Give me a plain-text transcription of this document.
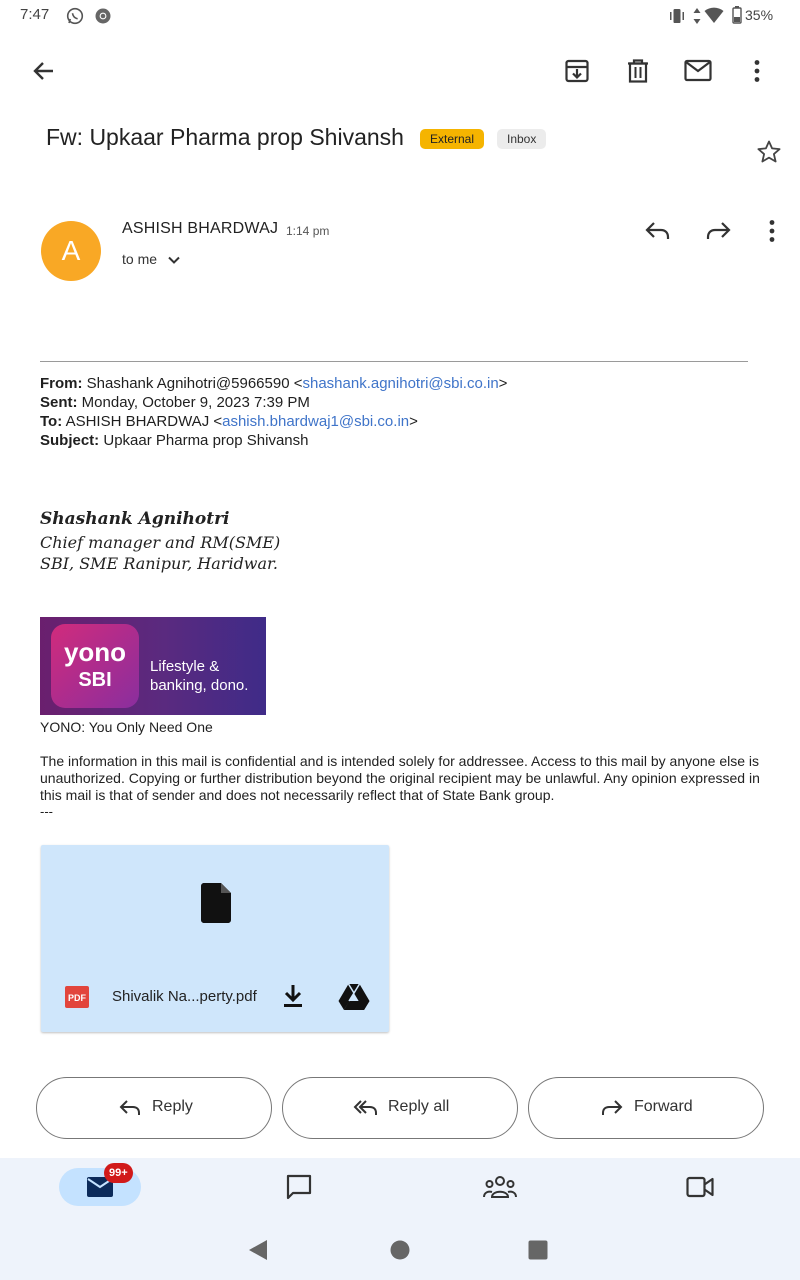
7:47	35%
Fw: Upkaar Pharma prop Shivansh	External	Inbox
A
ASHISH BHARDWAJ 1:14 pm
to me
From: Shashank Agnihotri@5966590 <shashank.agnihotri@sbi.co.in>
Sent: Monday, October 9, 2023 7:39 PM
To: ASHISH BHARDWAJ <ashish.bhardwaj1@sbi.co.in>
Subject: Upkaar Pharma prop Shivansh
Shashank Agnihotri
Chief manager and RM(SME)
SBI, SME Ranipur, Haridwar.
yono
SBI
Lifestyle &
banking, dono.
YONO: You Only Need One
The information in this mail is confidential and is intended solely for addressee. Access to this mail by anyone else is unauthorized. Copying or further distribution beyond the original recipient may be unlawful. Any opinion expressed in this mail is that of sender and does not necessarily reflect that of State Bank group.
---
PDF Shivalik Na...perty.pdf
Reply	Reply all	Forward
99+
